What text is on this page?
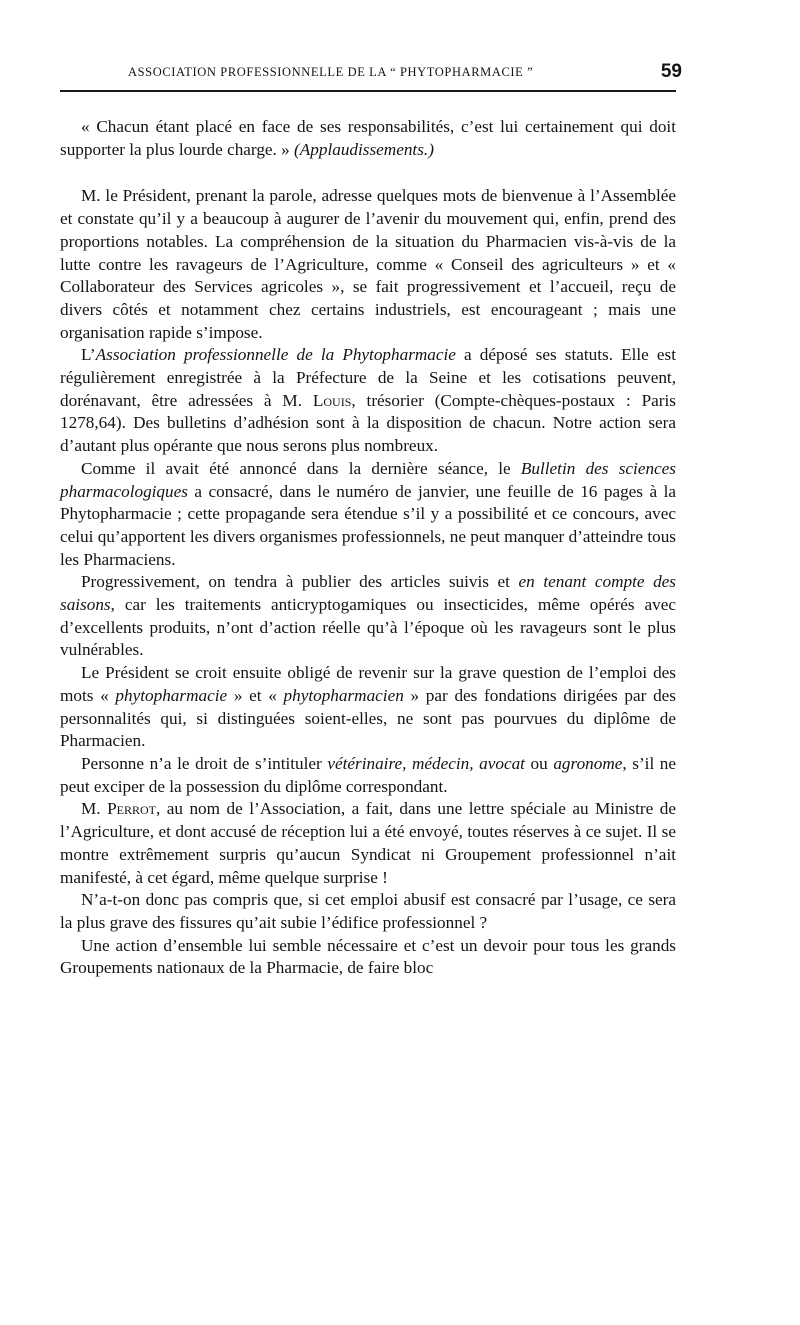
ASSOCIATION PROFESSIONNELLE DE LA “ PHYTOPHARMACIE ”	59

« Chacun étant placé en face de ses responsabilités, c’est lui certainement qui doit supporter la plus lourde charge. » (Applaudissements.)

M. le Président, prenant la parole, adresse quelques mots de bienvenue à l’Assemblée et constate qu’il y a beaucoup à augurer de l’avenir du mouvement qui, enfin, prend des proportions notables. La compréhension de la situation du Pharmacien vis-à-vis de la lutte contre les ravageurs de l’Agriculture, comme « Conseil des agriculteurs » et « Collaborateur des Services agricoles », se fait progressivement et l’accueil, reçu de divers côtés et notamment chez certains industriels, est encourageant ; mais une organisation rapide s’impose.

L’Association professionnelle de la Phytopharmacie a déposé ses statuts. Elle est régulièrement enregistrée à la Préfecture de la Seine et les cotisations peuvent, dorénavant, être adressées à M. Louis, trésorier (Compte-chèques-postaux : Paris 1278,64). Des bulletins d’adhésion sont à la disposition de chacun. Notre action sera d’autant plus opérante que nous serons plus nombreux.

Comme il avait été annoncé dans la dernière séance, le Bulletin des sciences pharmacologiques a consacré, dans le numéro de janvier, une feuille de 16 pages à la Phytopharmacie ; cette propagande sera étendue s’il y a possibilité et ce concours, avec celui qu’apportent les divers organismes professionnels, ne peut manquer d’atteindre tous les Pharmaciens.

Progressivement, on tendra à publier des articles suivis et en tenant compte des saisons, car les traitements anticryptogamiques ou insecticides, même opérés avec d’excellents produits, n’ont d’action réelle qu’à l’époque où les ravageurs sont le plus vulnérables.

Le Président se croit ensuite obligé de revenir sur la grave question de l’emploi des mots « phytopharmacie » et « phytopharmacien » par des fondations dirigées par des personnalités qui, si distinguées soient-elles, ne sont pas pourvues du diplôme de Pharmacien.

Personne n’a le droit de s’intituler vétérinaire, médecin, avocat ou agronome, s’il ne peut exciper de la possession du diplôme correspondant.

M. Perrot, au nom de l’Association, a fait, dans une lettre spéciale au Ministre de l’Agriculture, et dont accusé de réception lui a été envoyé, toutes réserves à ce sujet. Il se montre extrêmement surpris qu’aucun Syndicat ni Groupement professionnel n’ait manifesté, à cet égard, même quelque surprise !

N’a-t-on donc pas compris que, si cet emploi abusif est consacré par l’usage, ce sera la plus grave des fissures qu’ait subie l’édifice professionnel ?

Une action d’ensemble lui semble nécessaire et c’est un devoir pour tous les grands Groupements nationaux de la Pharmacie, de faire bloc
